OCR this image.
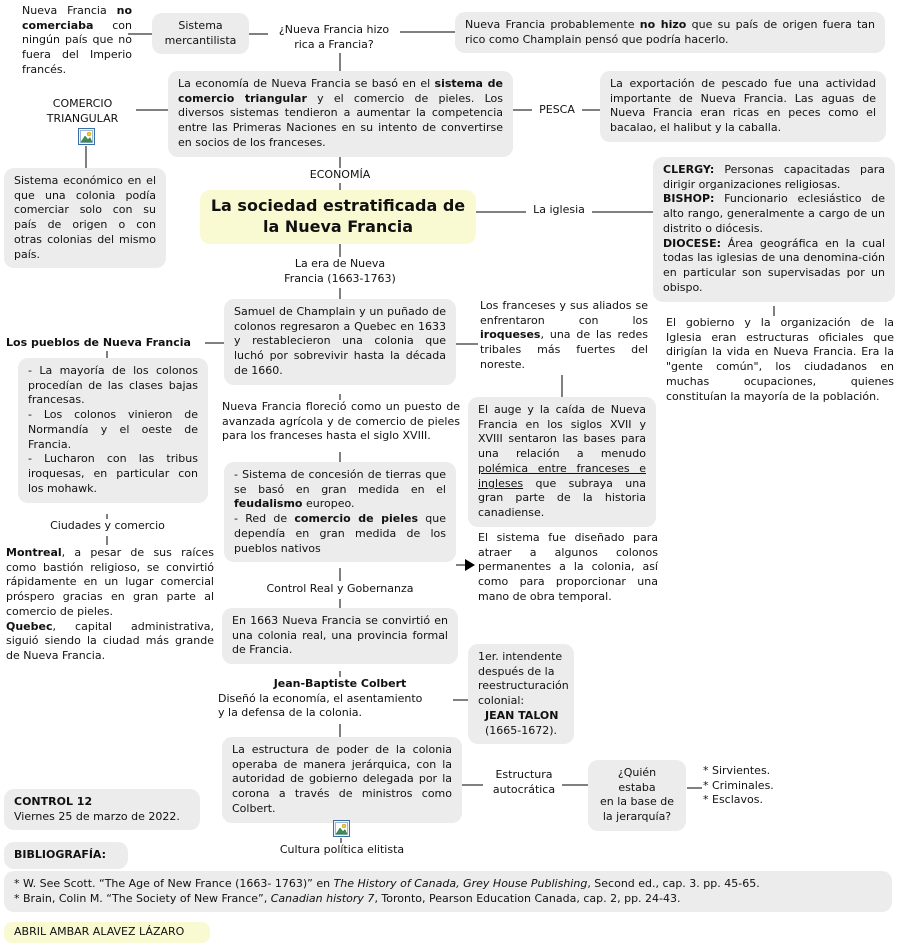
Nueva Francia no comerciaba con ningún país que no fuera del Imperio francés.
Sistema
mercantilista
¿Nueva Francia hizo
rica a Francia?
Nueva Francia probablemente no hizo que su país de origen fuera tan rico como Champlain pensó que podría hacerlo.
La economía de Nueva Francia se basó en el sistema de comercio triangular y el comercio de pieles. Los diversos sistemas tendieron a aumentar la competencia entre las Primeras Naciones en su intento de convertirse en socios de los franceses.
COMERCIO
TRIANGULAR
PESCA
La exportación de pescado fue una actividad importante de Nueva Francia. Las aguas de Nueva Francia eran ricas en peces como el bacalao, el halibut y la caballa.
Sistema económico en el que una colonia podía comerciar solo con su país de origen o con otras colonias del mismo país.
ECONOMÍA
La sociedad estratificada de
la Nueva Francia
La iglesia
CLERGY: Personas capacitadas para dirigir organizaciones religiosas.
BISHOP: Funcionario eclesiástico de alto rango, generalmente a cargo de un distrito o diócesis.
DIOCESE: Área geográfica en la cual todas las iglesias de una denomina-ción en particular son supervisadas por un obispo.
El gobierno y la organización de la Iglesia eran estructuras oficiales que dirigían la vida en Nueva Francia. Era la "gente común", los ciudadanos en muchas ocupaciones, quienes constituían la mayoría de la población.
La era de Nueva
Francia (1663-1763)
Samuel de Champlain y un puñado de colonos regresaron a Quebec en 1633 y restablecieron una colonia que luchó por sobrevivir hasta la década de 1660.
Los franceses y sus aliados se enfrentaron con los iroqueses, una de las redes tribales más fuertes del noreste.
El auge y la caída de Nueva Francia en los siglos XVII y XVIII sentaron las bases para una relación a menudo polémica entre franceses e ingleses que subraya una gran parte de la historia canadiense.
Los pueblos de Nueva Francia
- La mayoría de los colonos procedían de las clases bajas francesas.
- Los colonos vinieron de Normandía y el oeste de Francia.
- Lucharon con las tribus iroquesas, en particular con los mohawk.
Ciudades y comercio
Montreal, a pesar de sus raíces como bastión religioso, se convirtió rápidamente en un lugar comercial próspero gracias en gran parte al comercio de pieles.
Quebec, capital administrativa, siguió siendo la ciudad más grande de Nueva Francia.
Nueva Francia floreció como un puesto de avanzada agrícola y de comercio de pieles para los franceses hasta el siglo XVIII.
- Sistema de concesión de tierras que se basó en gran medida en el feudalismo europeo.
- Red de comercio de pieles que dependía en gran medida de los pueblos nativos
El sistema fue diseñado para atraer a algunos colonos permanentes a la colonia, así como para proporcionar una mano de obra temporal.
Control Real y Gobernanza
En 1663 Nueva Francia se convirtió en una colonia real, una provincia formal de Francia.
Jean-Baptiste Colbert
Diseñó la economía, el asentamiento
y la defensa de la colonia.
1er. intendente después de la reestructuración colonial:
JEAN TALON
(1665-1672).
La estructura de poder de la colonia operaba de manera jerárquica, con la autoridad de gobierno delegada por la corona a través de ministros como Colbert.
Cultura política elitista
Estructura
autocrática
¿Quién estaba
en la base de
la jerarquía?
* Sirvientes.
* Criminales.
* Esclavos.
CONTROL 12
Viernes 25 de marzo de 2022.
BIBLIOGRAFÍA:
* W. See Scott. “The Age of New France (1663- 1763)” en The History of Canada, Grey House Publishing, Second ed., cap. 3. pp. 45-65.
* Brain, Colin M. “The Society of New France”, Canadian history 7, Toronto, Pearson Education Canada, cap. 2, pp. 24-43.
ABRIL AMBAR ALAVEZ LÁZARO
